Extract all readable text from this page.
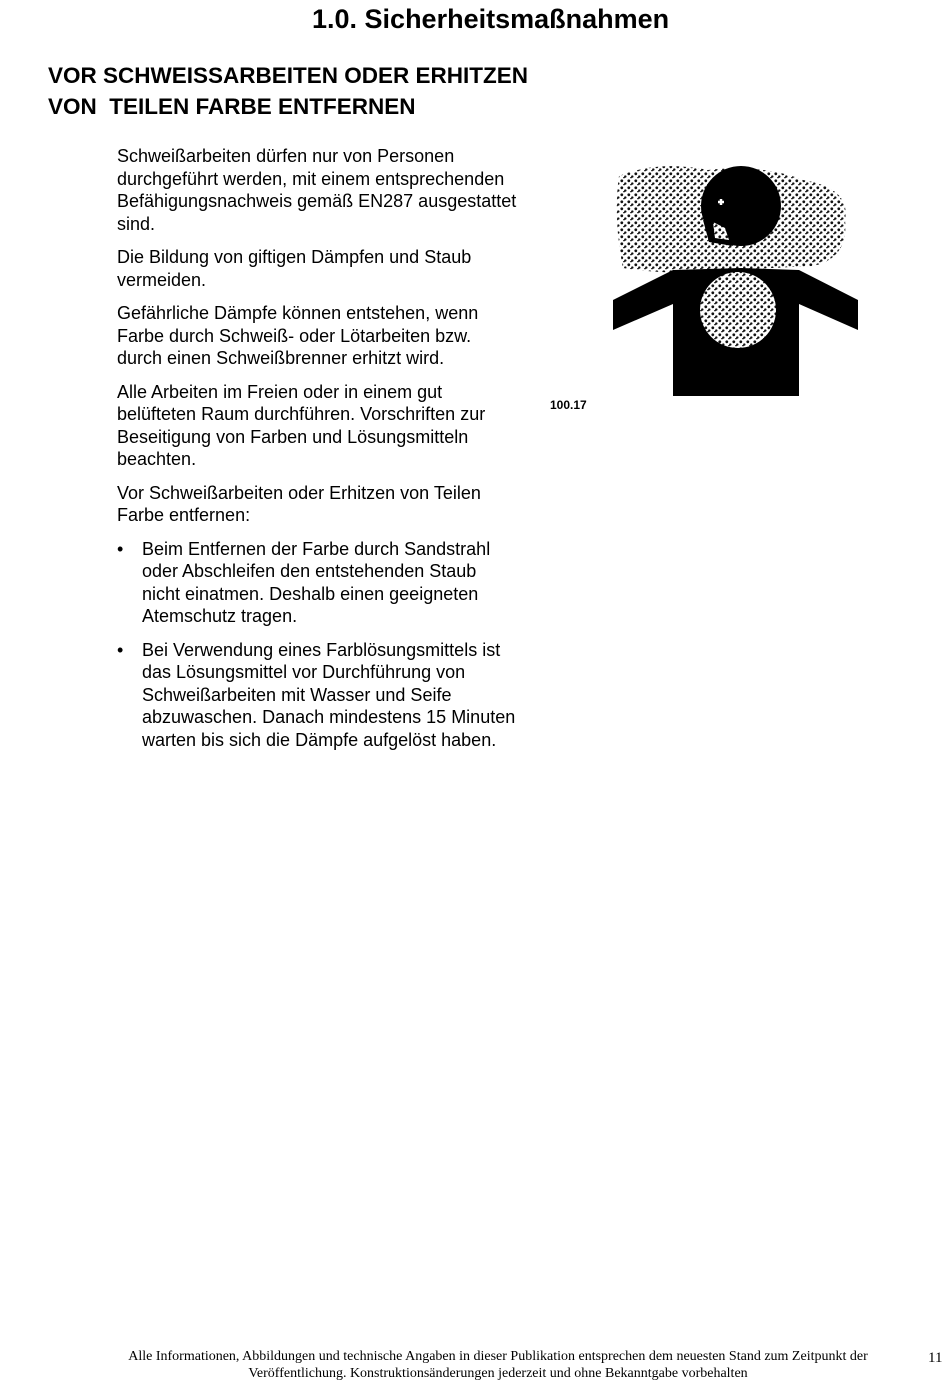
1.0. Sicherheitsmaßnahmen
VOR SCHWEISSARBEITEN ODER ERHITZEN
VON  TEILEN FARBE ENTFERNEN

Schweißarbeiten dürfen nur von Personen durchgeführt werden, mit einem entsprechenden Befähigungsnachweis gemäß EN287 ausgestattet sind.

Die Bildung von giftigen Dämpfen und Staub vermeiden.

Gefährliche Dämpfe können entstehen, wenn Farbe durch Schweiß- oder Lötarbeiten bzw. durch einen Schweißbrenner erhitzt wird.

Alle Arbeiten im Freien oder in einem gut belüfteten Raum durchführen. Vorschriften zur Beseitigung von Farben und Lösungsmitteln beachten.

Vor Schweißarbeiten oder Erhitzen von Teilen Farbe entfernen:

• Beim Entfernen der Farbe durch Sandstrahl oder Abschleifen den entstehenden Staub nicht einatmen. Deshalb einen geeigneten Atemschutz tragen.
• Bei Verwendung eines Farblösungsmittels ist das Lösungsmittel vor Durchführung von Schweißarbeiten mit Wasser und Seife abzuwaschen. Danach mindestens 15 Minuten warten bis sich die Dämpfe aufgelöst haben.
100.17
Alle Informationen, Abbildungen und technische Angaben in dieser Publikation entsprechen dem neuesten Stand zum Zeitpunkt der
Veröffentlichung. Konstruktionsänderungen jederzeit und ohne Bekanntgabe vorbehalten
11
